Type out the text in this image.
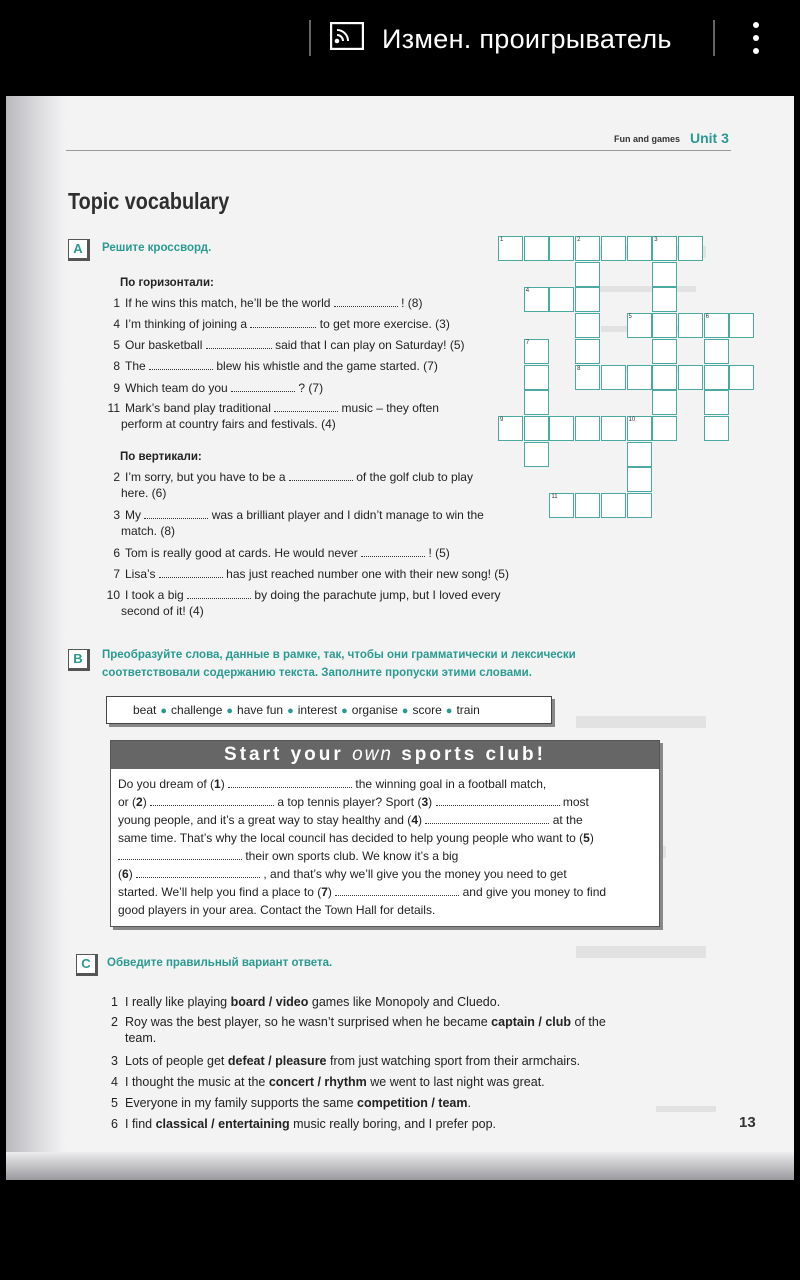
Измен. проигрыватель
Fun and games Unit 3
Topic vocabulary
A	Решите кроссворд.
По горизонтали:
1 If he wins this match, he’ll be the world	! (8)
4 I’m thinking of joining a	to get more exercise. (3)
5 Our basketball	said that I can play on Saturday! (5)
8 The	blew his whistle and the game started. (7)
9 Which team do you	? (7)
11 Mark’s band play traditional	music – they often
perform at country fairs and festivals. (4)
По вертикали:
2 I’m sorry, but you have to be a	of the golf club to play
here. (6)
3 My	was a brilliant player and I didn’t manage to win the
match. (8)
6 Tom is really good at cards. He would never	! (5)
7 Lisa’s	has just reached number one with their new song! (5)
10 I took a big	by doing the parachute jump, but I loved every
second of it! (4)
1	2	3
4
5	6
7
8
9	10
11
B	Преобразуйте слова, данные в рамке, так, чтобы они грамматически и лексически
соответствовали содержанию текста. Заполните пропуски этими словами.
beat ● challenge ● have fun ● interest ● organise ● score ● train
Start your own sports club!
Do you dream of (1)	the winning goal in a football match,
or (2)	a top tennis player? Sport (3)	most
young people, and it’s a great way to stay healthy and (4)	at the
same time. That’s why the local council has decided to help young people who want to (5)
their own sports club. We know it’s a big
(6)	, and that’s why we’ll give you the money you need to get
started. We’ll help you find a place to (7)	and give you money to find
good players in your area. Contact the Town Hall for details.
C	Обведите правильный вариант ответа.
1 I really like playing board / video games like Monopoly and Cluedo.
2 Roy was the best player, so he wasn’t surprised when he became captain / club of the
team.
3 Lots of people get defeat / pleasure from just watching sport from their armchairs.
4 I thought the music at the concert / rhythm we went to last night was great.
5 Everyone in my family supports the same competition / team.
6 I find classical / entertaining music really boring, and I prefer pop.	13
